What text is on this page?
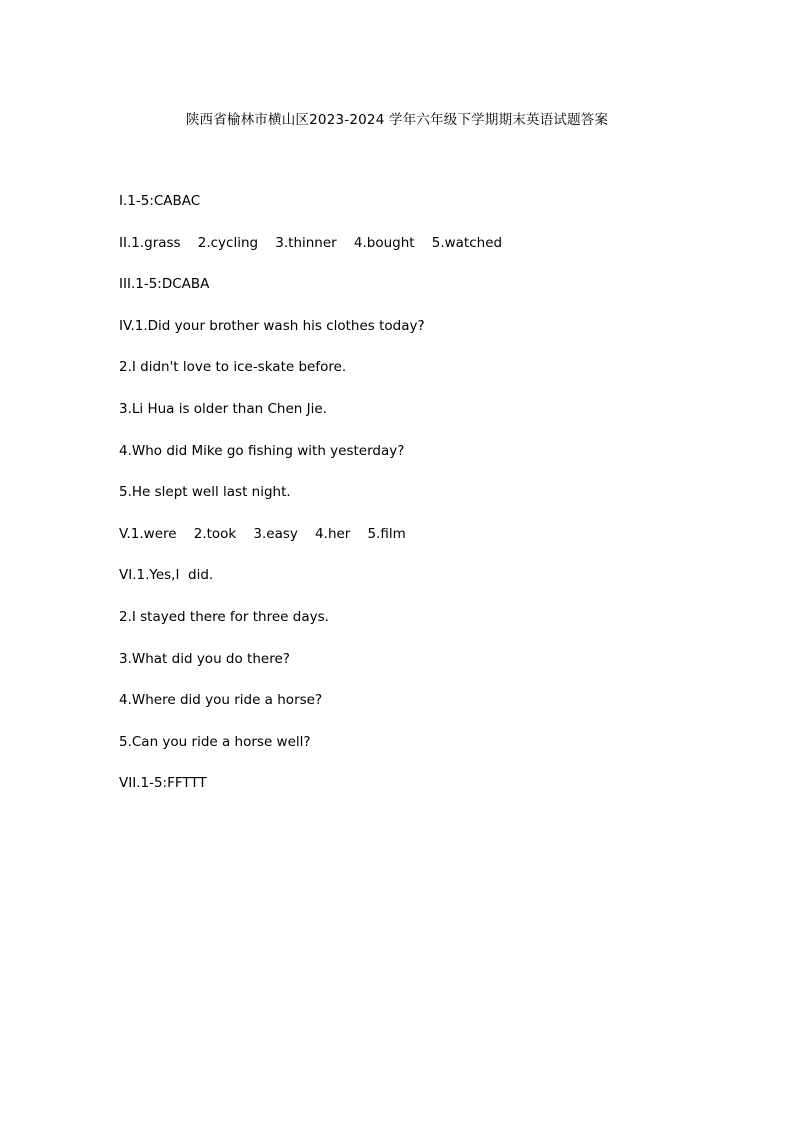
陕西省榆林市横山区2023-2024 学年六年级下学期期末英语试题答案
I.1-5:CABAC
II.1.grass    2.cycling    3.thinner    4.bought    5.watched
III.1-5:DCABA
IV.1.Did your brother wash his clothes today?
2.I didn't love to ice-skate before.
3.Li Hua is older than Chen Jie.
4.Who did Mike go fishing with yesterday?
5.He slept well last night.
V.1.were    2.took    3.easy    4.her    5.film
VI.1.Yes,I  did.
2.I stayed there for three days.
3.What did you do there?
4.Where did you ride a horse?
5.Can you ride a horse well?
VII.1-5:FFTTT
